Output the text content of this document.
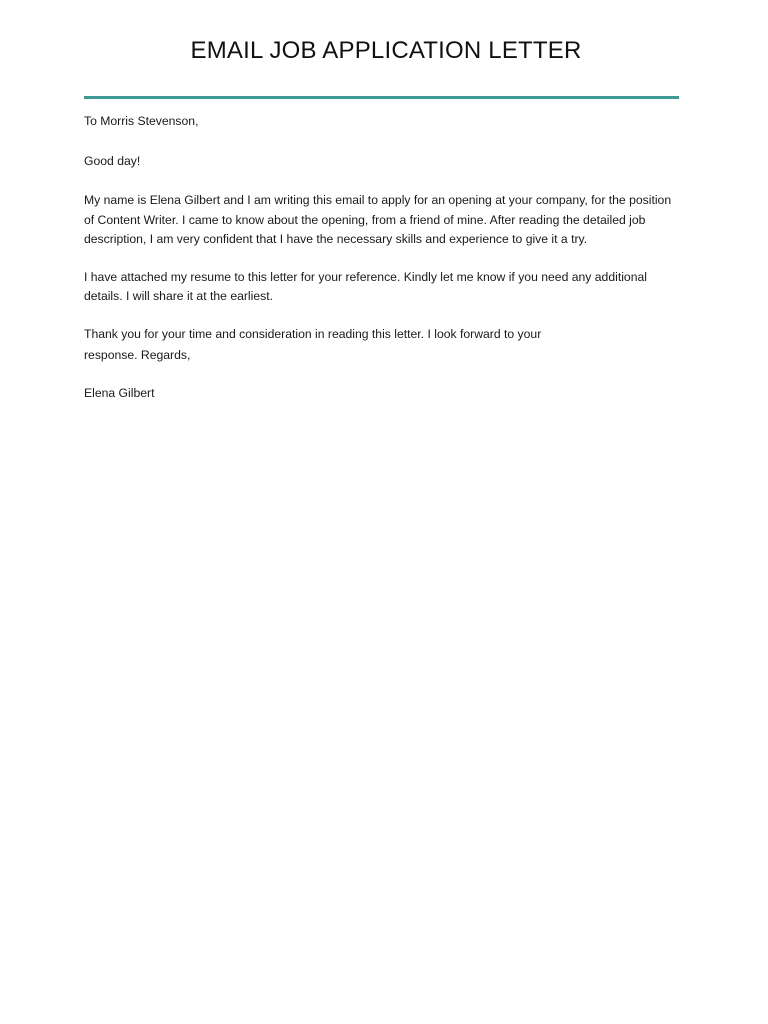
EMAIL JOB APPLICATION LETTER

To Morris Stevenson,

Good day!

My name is Elena Gilbert and I am writing this email to apply for an opening at your company, for the position of Content Writer. I came to know about the opening, from a friend of mine. After reading the detailed job description, I am very confident that I have the necessary skills and experience to give it a try.

I have attached my resume to this letter for your reference. Kindly let me know if you need any additional details. I will share it at the earliest.

Thank you for your time and consideration in reading this letter. I look forward to your
response. Regards,

Elena Gilbert
